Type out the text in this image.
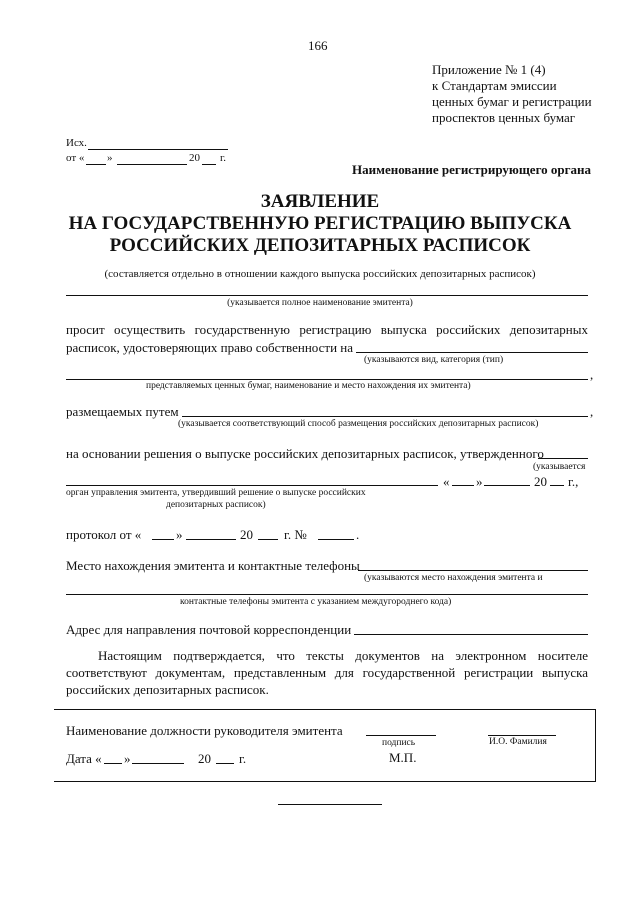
166
Приложение № 1 (4)
к Стандартам эмиссии
ценных бумаг и регистрации
проспектов ценных бумаг
Исх.
от « »	20 г.
Наименование регистрирующего органа
ЗАЯВЛЕНИЕ
НА ГОСУДАРСТВЕННУЮ РЕГИСТРАЦИЮ ВЫПУСКА
РОССИЙСКИХ ДЕПОЗИТАРНЫХ РАСПИСОК
(составляется отдельно в отношении каждого выпуска российских депозитарных расписок)
(указывается полное наименование эмитента)
просит осуществить государственную регистрацию выпуска российских депозитарных
расписок, удостоверяющих право собственности на
(указываются вид, категория (тип)
,
представляемых ценных бумаг, наименование и место нахождения их эмитента)
размещаемых путем	,
(указывается соответствующий способ размещения российских депозитарных расписок)
на основании решения о выпуске российских депозитарных расписок, утвержденного
(указывается
« »	20 г.,
орган управления эмитента, утвердивший решение о выпуске российских
депозитарных расписок)
протокол от «	»	20 г. №	.
Место нахождения эмитента и контактные телефоны
(указываются место нахождения эмитента и
контактные телефоны эмитента с указанием междугороднего кода)
Адрес для направления почтовой корреспонденции
Настоящим подтверждается, что тексты документов на электронном носителе
соответствуют документам, представленным для государственной регистрации выпуска
российских депозитарных расписок.
Наименование должности руководителя эмитента
подпись	И.О. Фамилия
Дата « »	20 г.	М.П.
